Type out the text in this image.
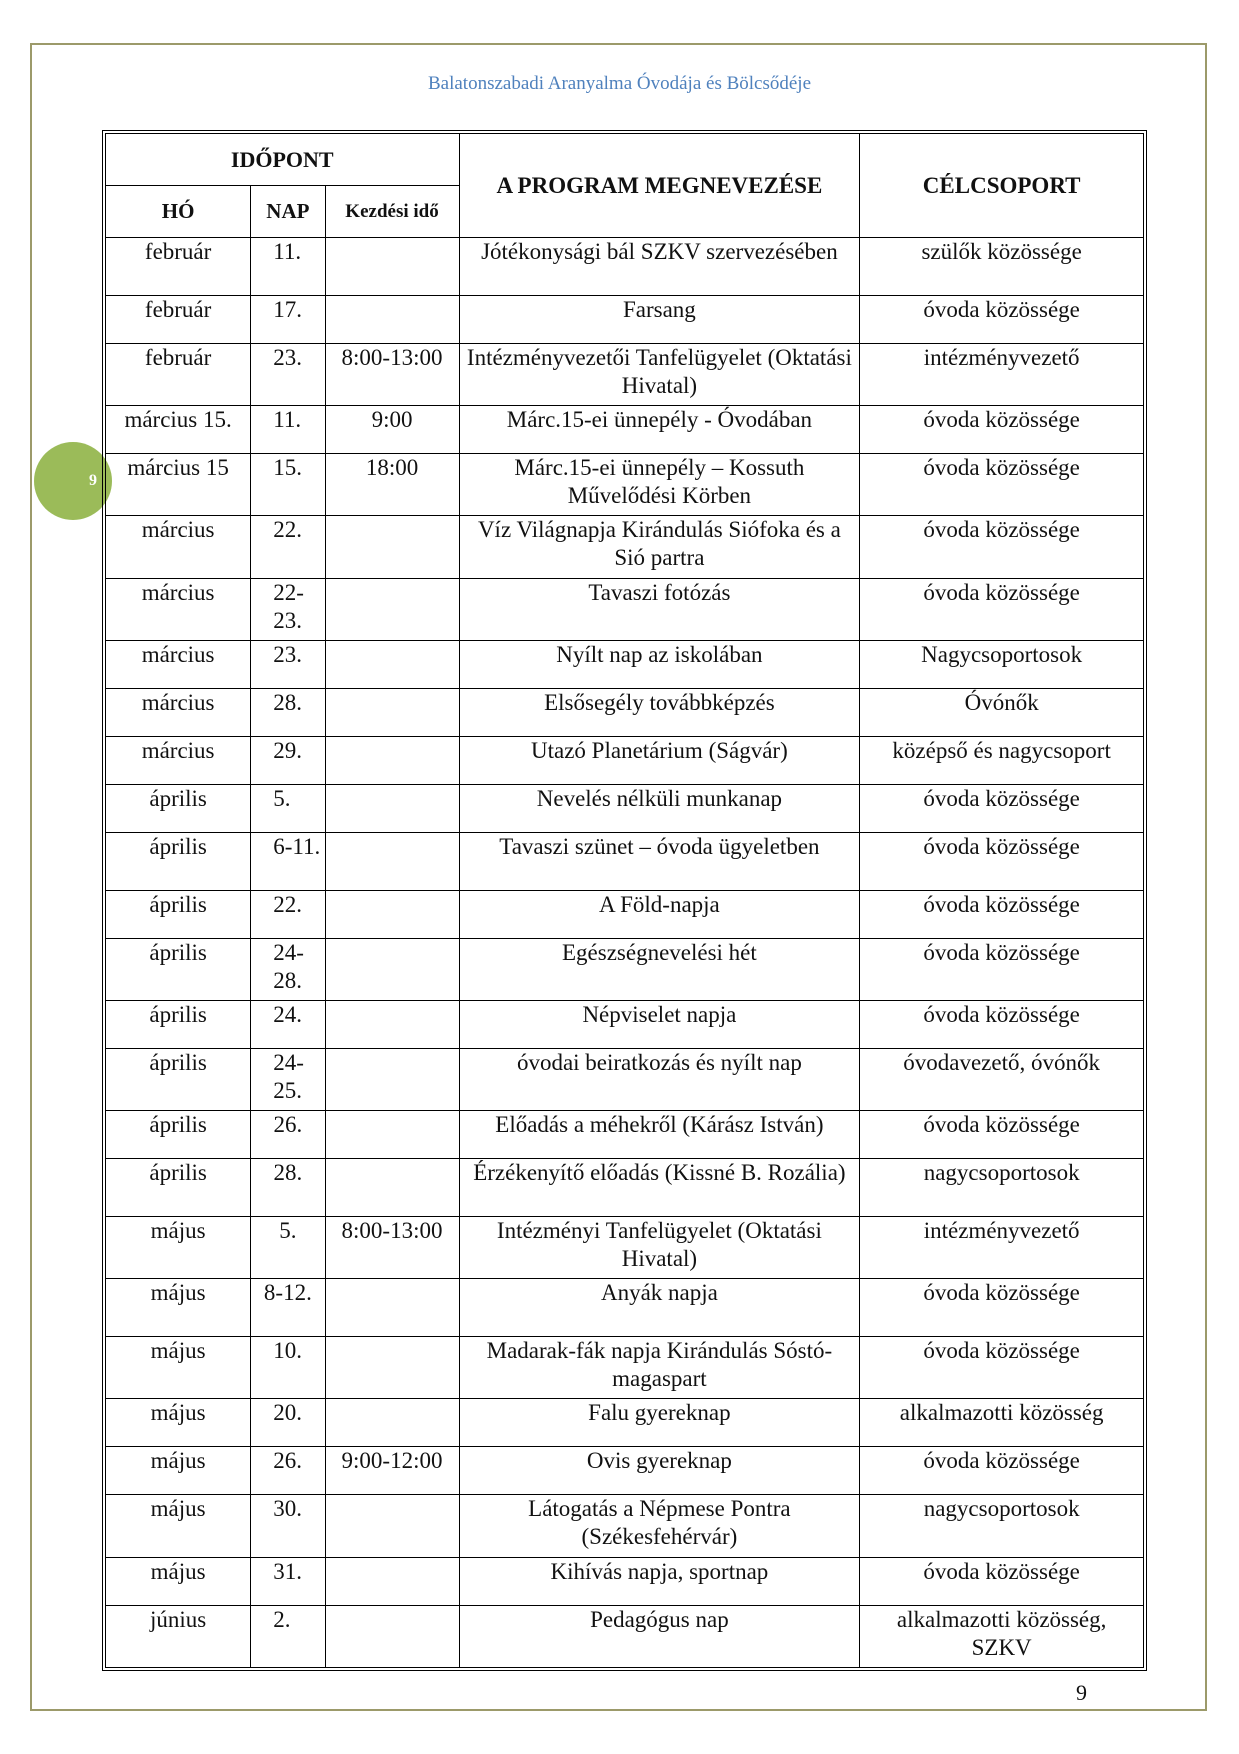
Balatonszabadi Aranyalma Óvodája és Bölcsődéje
9
IDŐPONT			A PROGRAM MEGNEVEZÉSE	CÉLCSOPORT
HÓ	NAP	Kezdési idő		
február	11.		Jótékonysági bál SZKV szervezésében	szülők közössége
február	17.		Farsang	óvoda közössége
február	23.	8:00-13:00	Intézményvezetői Tanfelügyelet (Oktatási Hivatal)	intézményvezető
március 15.	11.	9:00	Márc.15-ei ünnepély - Óvodában	óvoda közössége
március 15	15.	18:00	Márc.15-ei ünnepély – Kossuth Művelődési Körben	óvoda közössége
március	22.		Víz Világnapja Kirándulás Siófoka és a Sió partra	óvoda közössége
március	22-23.		Tavaszi fotózás	óvoda közössége
március	23.		Nyílt nap az iskolában	Nagycsoportosok
március	28.		Elsősegély továbbképzés	Óvónők
március	29.		Utazó Planetárium (Ságvár)	középső és nagycsoport
április	5.		Nevelés nélküli munkanap	óvoda közössége
április	6-11.		Tavaszi szünet – óvoda ügyeletben	óvoda közössége
április	22.		A Föld-napja	óvoda közössége
április	24-28.		Egészségnevelési hét	óvoda közössége
április	24.		Népviselet napja	óvoda közössége
április	24-25.		óvodai beiratkozás és nyílt nap	óvodavezető, óvónők
április	26.		Előadás a méhekről (Kárász István)	óvoda közössége
április	28.		Érzékenyítő előadás (Kissné B. Rozália)	nagycsoportosok
május	5.	8:00-13:00	Intézményi Tanfelügyelet (Oktatási Hivatal)	intézményvezető
május	8-12.		Anyák napja	óvoda közössége
május	10.		Madarak-fák napja Kirándulás Sóstó-magaspart	óvoda közössége
május	20.		Falu gyereknap	alkalmazotti közösség
május	26.	9:00-12:00	Ovis gyereknap	óvoda közössége
május	30.		Látogatás a Népmese Pontra (Székesfehérvár)	nagycsoportosok
május	31.		Kihívás napja, sportnap	óvoda közössége
június	2.		Pedagógus nap	alkalmazotti közösség, SZKV
9
